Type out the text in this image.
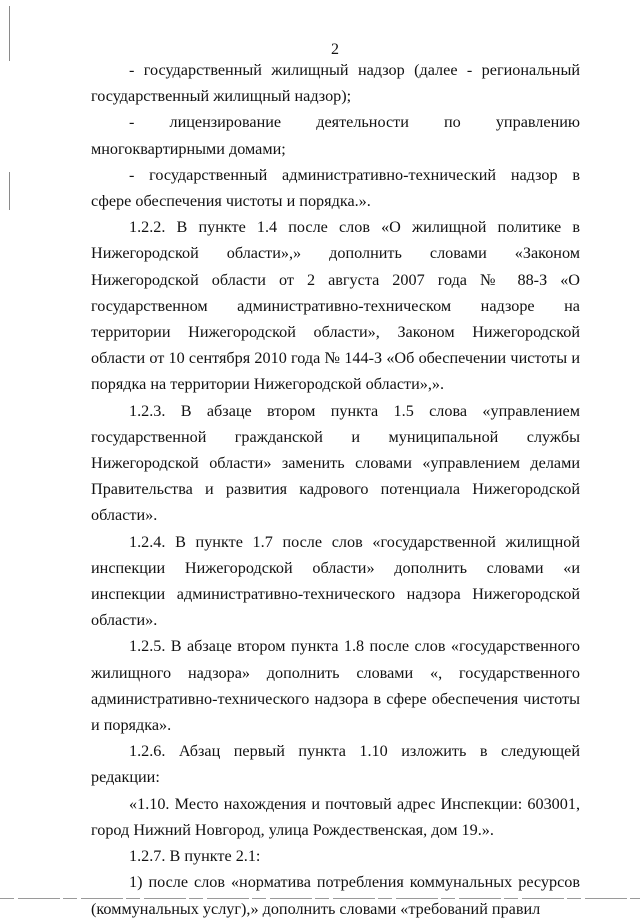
2

- государственный жилищный надзор (далее - региональный государственный жилищный надзор);

- лицензирование деятельности по управлению многоквартирными домами;

- государственный административно-технический надзор в сфере обеспечения чистоты и порядка.».

1.2.2. В пункте 1.4 после слов «О жилищной политике в Нижегородской области»,» дополнить словами «Законом Нижегородской области от 2 августа 2007 года № 88-З «О государственном административно-техническом надзоре на территории Нижегородской области», Законом Нижегородской области от 10 сентября 2010 года № 144-З «Об обеспечении чистоты и порядка на территории Нижегородской области»,».

1.2.3. В абзаце втором пункта 1.5 слова «управлением государственной гражданской и муниципальной службы Нижегородской области» заменить словами «управлением делами Правительства и развития кадрового потенциала Нижегородской области».

1.2.4. В пункте 1.7 после слов «государственной жилищной инспекции Нижегородской области» дополнить словами «и инспекции административно-технического надзора Нижегородской области».

1.2.5. В абзаце втором пункта 1.8 после слов «государственного жилищного надзора» дополнить словами «, государственного административно-технического надзора в сфере обеспечения чистоты и порядка».

1.2.6. Абзац первый пункта 1.10 изложить в следующей редакции:

«1.10. Место нахождения и почтовый адрес Инспекции: 603001, город Нижний Новгород, улица Рождественская, дом 19.».

1.2.7. В пункте 2.1:

1) после слов «норматива потребления коммунальных ресурсов (коммунальных услуг),» дополнить словами «требований правил
